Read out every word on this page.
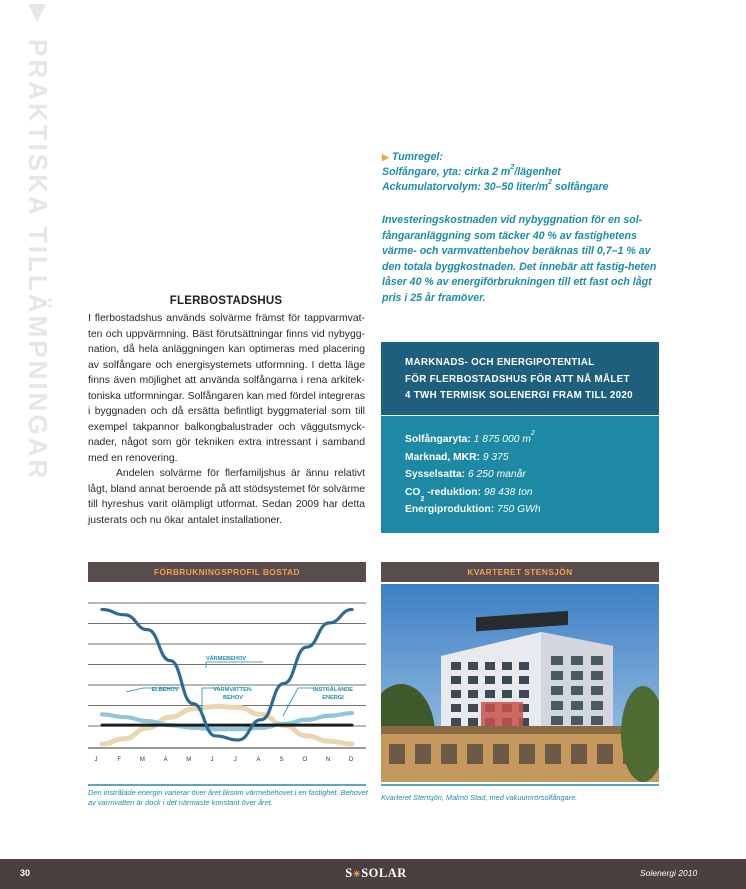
PRAKTISKA TILLÄMPNINGAR	▶ Tumregel:

Solfångare, yta: cirka 2 $m^2$/lägenhet

Ackumulatorvolym: 30–50 liter/$m^2$ solfångare

Investeringskostnaden vid nybyggnation för en sol-fångaranläggning som täcker 40 % av fastighetens värme- och varmvattenbehov beräknas till 0,7–1 % av den totala byggkostnaden. Det innebär att fastig-heten låser 40 % av energiförbrukningen till ett fast och lågt pris i 25 år framöver.

FLERBOSTADSHUS

I flerbostadshus används solvärme främst för tappvarmvat-ten och uppvärmning. Bäst förutsättningar finns vid nybygg-nation, då hela anläggningen kan optimeras med placering av solfångare och energisystemets utformning. I detta läge finns även möjlighet att använda solfångarna i rena arkitek-toniska utformningar. Solfångaren kan med fördel integreras i byggnaden och då ersätta befintligt byggmaterial som till exempel takpannor balkongbalustrader och väggutsmyck-nader, något som gör tekniken extra intressant i samband med en renovering.

Andelen solvärme för flerfamiljshus är ännu relativt lågt, bland annat beroende på att stödsystemet för solvärme till hyreshus varit olämpligt utformat. Sedan 2009 har detta justerats och nu ökar antalet installationer.

MARKNADS- OCH ENERGIPOTENTIAL
FÖR FLERBOSTADSHUS FÖR ATT NÅ MÅLET
4 TWH TERMISK SOLENERGI FRAM TILL 2020
Solfångaryta: 1 875 000 $m^2$
Marknad, MKR: 9 375
Sysselsatta: 6 250 manår
$CO_2$ -reduktion: 98 438 ton
Energiproduktion: 750 GWh
FÖRBRUKNINGSPROFIL BOSTAD
VÄRMEBEHOV
ELBEHOV	VARMVATTEN-
BEHOV
INSTRÅLANDE
ENERGI
J	F	M	A	M	J	J	A	S	O	N	D
Den instrålade energin varierar över året liksom värmebehovet i en fastighet. Behovet av varmvatten är dock i det närmaste konstant över året.
KVARTERET STENSJÖN
Kvarteret Stensjön, Malmö Stad, med vakuumrörsolfångare.
30	S☀SOLAR	Solenergi 2010
